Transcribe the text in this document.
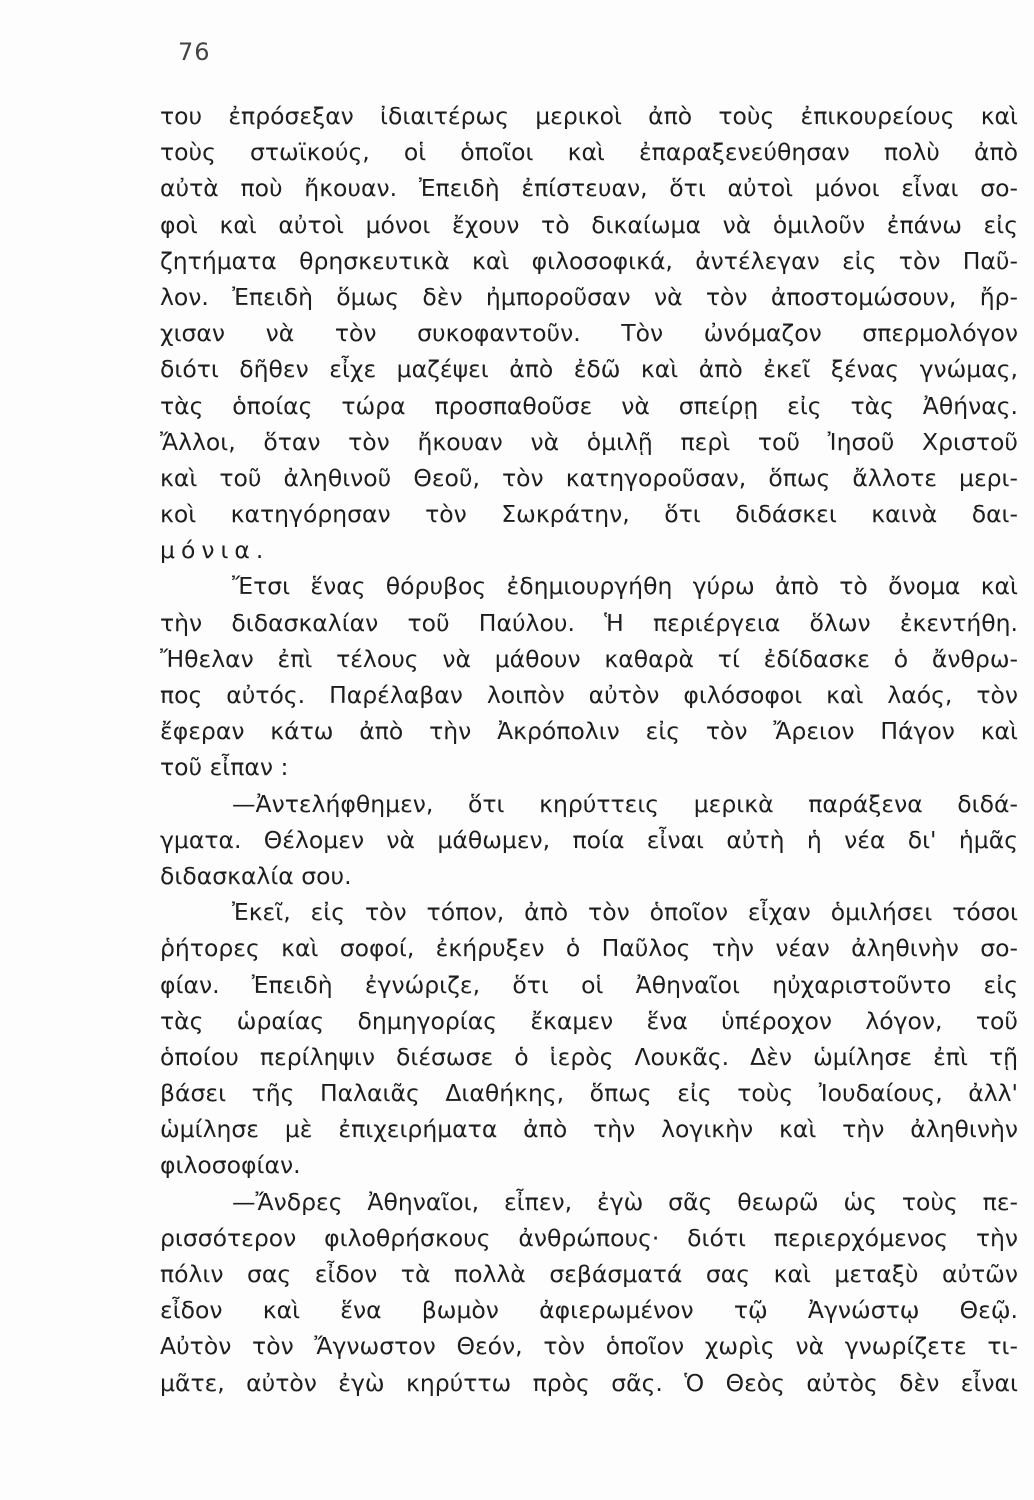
76
του ἐπρόσεξαν ἰδιαιτέρως μερικοὶ ἀπὸ τοὺς ἐπικουρείους καὶ
τοὺς στωϊκούς, οἱ ὁποῖοι καὶ ἐπαραξενεύθησαν πολὺ ἀπὸ
αὐτὰ ποὺ ἤκουαν. Ἐπειδὴ ἐπίστευαν, ὅτι αὐτοὶ μόνοι εἶναι σο-
φοὶ καὶ αὐτοὶ μόνοι ἔχουν τὸ δικαίωμα νὰ ὁμιλοῦν ἐπάνω εἰς
ζητήματα θρησκευτικὰ καὶ φιλοσοφικά, ἀντέλεγαν εἰς τὸν Παῦ-
λον. Ἐπειδὴ ὅμως δὲν ἠμποροῦσαν νὰ τὸν ἀποστομώσουν, ἤρ-
χισαν νὰ τὸν συκοφαντοῦν. Τὸν ὠνόμαζον σπερμολόγον
διότι δῆθεν εἶχε μαζέψει ἀπὸ ἐδῶ καὶ ἀπὸ ἐκεῖ ξένας γνώμας,
τὰς ὁποίας τώρα προσπαθοῦσε νὰ σπείρῃ εἰς τὰς Ἀθήνας.
Ἄλλοι, ὅταν τὸν ἤκουαν νὰ ὁμιλῇ περὶ τοῦ Ἰησοῦ Χριστοῦ
καὶ τοῦ ἀληθινοῦ Θεοῦ, τὸν κατηγοροῦσαν, ὅπως ἄλλοτε μερι-
κοὶ κατηγόρησαν τὸν Σωκράτην, ὅτι διδάσκει καινὰ δαι-
μόνια.
Ἔτσι ἕνας θόρυβος ἐδημιουργήθη γύρω ἀπὸ τὸ ὄνομα καὶ
τὴν διδασκαλίαν τοῦ Παύλου. Ἡ περιέργεια ὅλων ἐκεντήθη.
Ἤθελαν ἐπὶ τέλους νὰ μάθουν καθαρὰ τί ἐδίδασκε ὁ ἄνθρω-
πος αὐτός. Παρέλαβαν λοιπὸν αὐτὸν φιλόσοφοι καὶ λαός, τὸν
ἔφεραν κάτω ἀπὸ τὴν Ἀκρόπολιν εἰς τὸν Ἄρειον Πάγον καὶ
τοῦ εἶπαν :
—Ἀντελήφθημεν, ὅτι κηρύττεις μερικὰ παράξενα διδά-
γματα. Θέλομεν νὰ μάθωμεν, ποία εἶναι αὐτὴ ἡ νέα δι' ἡμᾶς
διδασκαλία σου.
Ἐκεῖ, εἰς τὸν τόπον, ἀπὸ τὸν ὁποῖον εἶχαν ὁμιλήσει τόσοι
ῥήτορες καὶ σοφοί, ἐκήρυξεν ὁ Παῦλος τὴν νέαν ἀληθινὴν σο-
φίαν. Ἐπειδὴ ἐγνώριζε, ὅτι οἱ Ἀθηναῖοι ηὐχαριστοῦντο εἰς
τὰς ὡραίας δημηγορίας ἔκαμεν ἕνα ὑπέροχον λόγον, τοῦ
ὁποίου περίληψιν διέσωσε ὁ ἱερὸς Λουκᾶς. Δὲν ὡμίλησε ἐπὶ τῇ
βάσει τῆς Παλαιᾶς Διαθήκης, ὅπως εἰς τοὺς Ἰουδαίους, ἀλλ'
ὡμίλησε μὲ ἐπιχειρήματα ἀπὸ τὴν λογικὴν καὶ τὴν ἀληθινὴν
φιλοσοφίαν.
—Ἄνδρες Ἀθηναῖοι, εἶπεν, ἐγὼ σᾶς θεωρῶ ὡς τοὺς πε-
ρισσότερον φιλοθρήσκους ἀνθρώπους· διότι περιερχόμενος τὴν
πόλιν σας εἶδον τὰ πολλὰ σεβάσματά σας καὶ μεταξὺ αὐτῶν
εἶδον καὶ ἕνα βωμὸν ἀφιερωμένον τῷ Ἀγνώστῳ Θεῷ.
Αὐτὸν τὸν Ἄγνωστον Θεόν, τὸν ὁποῖον χωρὶς νὰ γνωρίζετε τι-
μᾶτε, αὐτὸν ἐγὼ κηρύττω πρὸς σᾶς. Ὁ Θεὸς αὐτὸς δὲν εἶναι
